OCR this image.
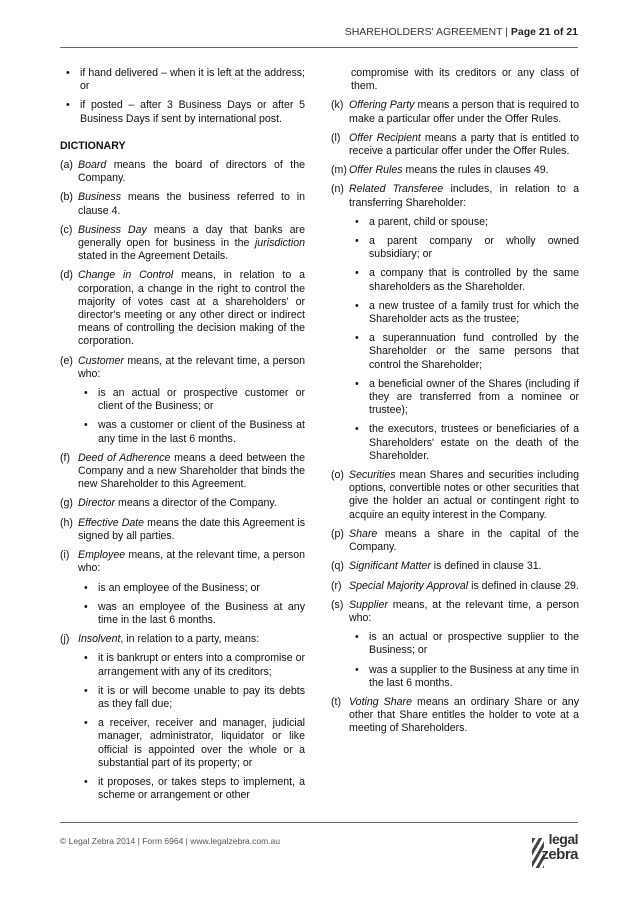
SHAREHOLDERS' AGREEMENT | Page 21 of 21
• if hand delivered – when it is left at the address; or
• if posted – after 3 Business Days or after 5 Business Days if sent by international post.
DICTIONARY
(a) Board means the board of directors of the Company.
(b) Business means the business referred to in clause 4.
(c) Business Day means a day that banks are generally open for business in the jurisdiction stated in the Agreement Details.
(d) Change in Control means, in relation to a corporation, a change in the right to control the majority of votes cast at a shareholders' or director's meeting or any other direct or indirect means of controlling the decision making of the corporation.
(e) Customer means, at the relevant time, a person who:
• is an actual or prospective customer or client of the Business; or
• was a customer or client of the Business at any time in the last 6 months.
(f) Deed of Adherence means a deed between the Company and a new Shareholder that binds the new Shareholder to this Agreement.
(g) Director means a director of the Company.
(h) Effective Date means the date this Agreement is signed by all parties.
(i) Employee means, at the relevant time, a person who:
• is an employee of the Business; or
• was an employee of the Business at any time in the last 6 months.
(j) Insolvent, in relation to a party, means:
• it is bankrupt or enters into a compromise or arrangement with any of its creditors;
• it is or will become unable to pay its debts as they fall due;
• a receiver, receiver and manager, judicial manager, administrator, liquidator or like official is appointed over the whole or a substantial part of its property; or
• it proposes, or takes steps to implement, a scheme or arrangement or other
compromise with its creditors or any class of them.
(k) Offering Party means a person that is required to make a particular offer under the Offer Rules.
(l) Offer Recipient means a party that is entitled to receive a particular offer under the Offer Rules.
(m) Offer Rules means the rules in clauses 49.
(n) Related Transferee includes, in relation to a transferring Shareholder:
• a parent, child or spouse;
• a parent company or wholly owned subsidiary; or
• a company that is controlled by the same shareholders as the Shareholder.
• a new trustee of a family trust for which the Shareholder acts as the trustee;
• a superannuation fund controlled by the Shareholder or the same persons that control the Shareholder;
• a beneficial owner of the Shares (including if they are transferred from a nominee or trustee);
• the executors, trustees or beneficiaries of a Shareholders' estate on the death of the Shareholder.
(o) Securities mean Shares and securities including options, convertible notes or other securities that give the holder an actual or contingent right to acquire an equity interest in the Company.
(p) Share means a share in the capital of the Company.
(q) Significant Matter is defined in clause 31.
(r) Special Majority Approval is defined in clause 29.
(s) Supplier means, at the relevant time, a person who:
• is an actual or prospective supplier to the Business; or
• was a supplier to the Business at any time in the last 6 months.
(t) Voting Share means an ordinary Share or any other that Share entitles the holder to vote at a meeting of Shareholders.
© Legal Zebra 2014 | Form 6964 | www.legalzebra.com.au	legal
zebra
